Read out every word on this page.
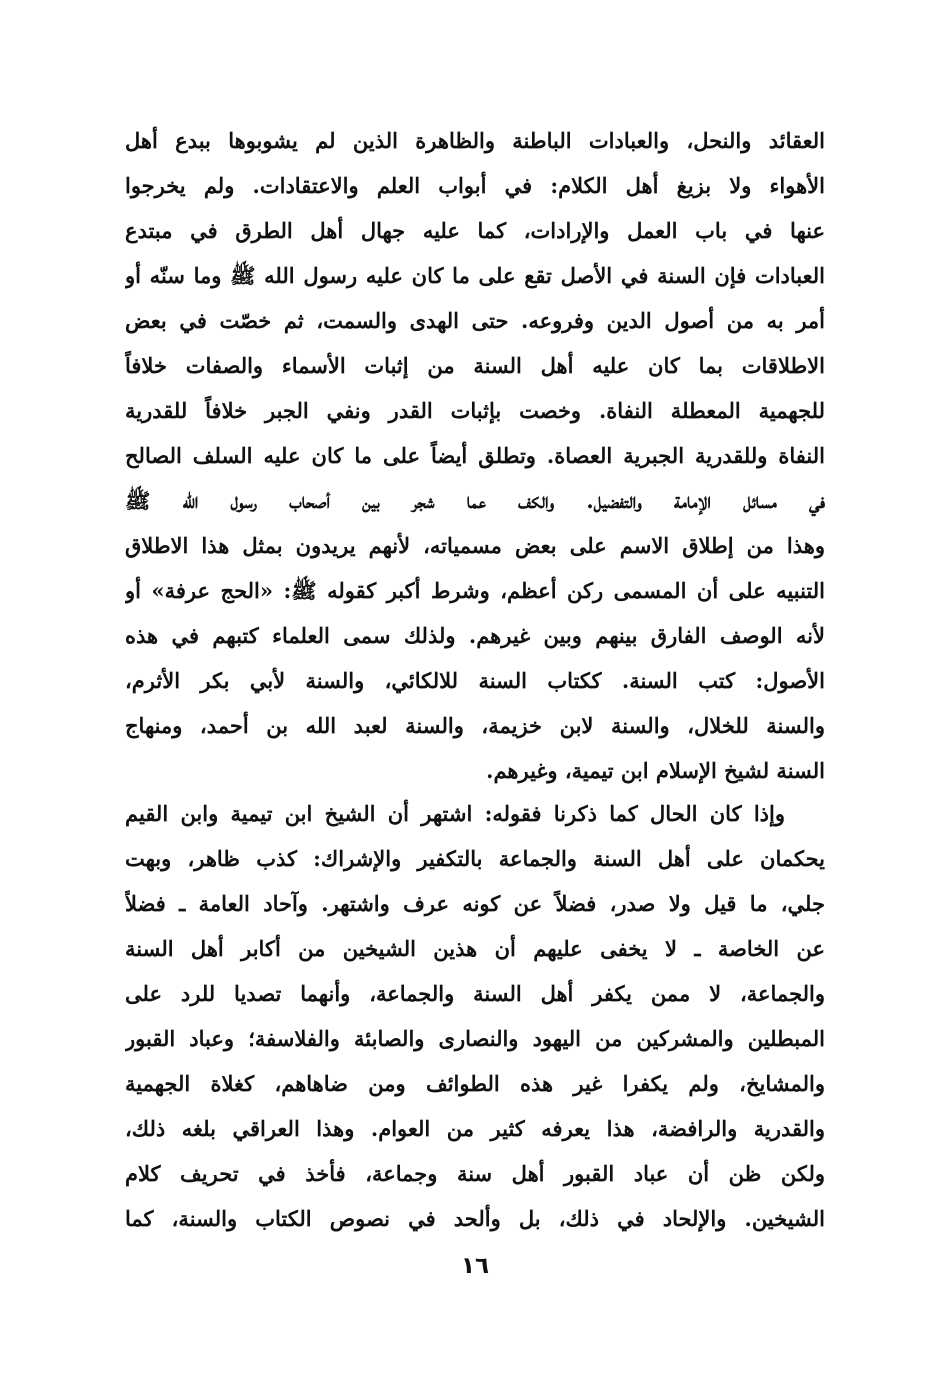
العقائد والنحل، والعبادات الباطنة والظاهرة الذين لم يشوبوها ببدع أهل
الأهواء ولا بزيغ أهل الكلام: في أبواب العلم والاعتقادات. ولم يخرجوا
عنها في باب العمل والإرادات، كما عليه جهال أهل الطرق في مبتدع
العبادات فإن السنة في الأصل تقع على ما كان عليه رسول الله ﷺ وما سنّه أو
أمر به من أصول الدين وفروعه. حتى الهدى والسمت، ثم خصّت في بعض
الاطلاقات بما كان عليه أهل السنة من إثبات الأسماء والصفات خلافاً
للجهمية المعطلة النفاة. وخصت بإثبات القدر ونفي الجبر خلافاً للقدرية
النفاة وللقدرية الجبرية العصاة. وتطلق أيضاً على ما كان عليه السلف الصالح
في مسائل الإمامة والتفضيل. والكف عما شجر بين أصحاب رسول الله ﷺ
وهذا من إطلاق الاسم على بعض مسمياته، لأنهم يريدون بمثل هذا الاطلاق
التنبيه على أن المسمى ركن أعظم، وشرط أكبر كقوله ﷺ: «الحج عرفة» أو
لأنه الوصف الفارق بينهم وبين غيرهم. ولذلك سمى العلماء كتبهم في هذه
الأصول: كتب السنة. ككتاب السنة للالكائي، والسنة لأبي بكر الأثرم،
والسنة للخلال، والسنة لابن خزيمة، والسنة لعبد الله بن أحمد، ومنهاج
السنة لشيخ الإسلام ابن تيمية، وغيرهم.
وإذا كان الحال كما ذكرنا فقوله: اشتهر أن الشيخ ابن تيمية وابن القيم
يحكمان على أهل السنة والجماعة بالتكفير والإشراك: كذب ظاهر، وبهت
جلي، ما قيل ولا صدر، فضلاً عن كونه عرف واشتهر. وآحاد العامة ـ فضلاً
عن الخاصة ـ لا يخفى عليهم أن هذين الشيخين من أكابر أهل السنة
والجماعة، لا ممن يكفر أهل السنة والجماعة، وأنهما تصديا للرد على
المبطلين والمشركين من اليهود والنصارى والصابئة والفلاسفة؛ وعباد القبور
والمشايخ، ولم يكفرا غير هذه الطوائف ومن ضاهاهم، كغلاة الجهمية
والقدرية والرافضة، هذا يعرفه كثير من العوام. وهذا العراقي بلغه ذلك،
ولكن ظن أن عباد القبور أهل سنة وجماعة، فأخذ في تحريف كلام
الشيخين. والإلحاد في ذلك، بل وألحد في نصوص الكتاب والسنة، كما
١٦
